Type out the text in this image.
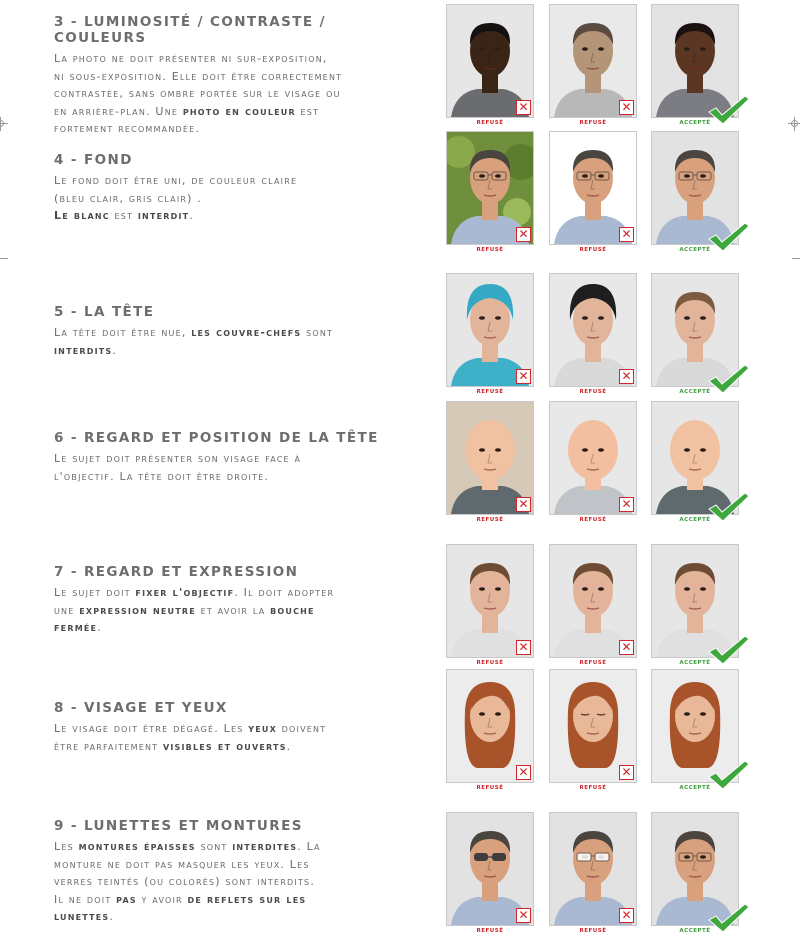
3 - LUMINOSITÉ / CONTRASTE / COULEURS

La photo ne doit présenter ni sur-exposition,
ni sous-exposition. Elle doit être correctement
contrastée, sans ombre portée sur le visage ou
en arrière-plan. Une photo en couleur est
fortement recommandée.

✕
REFUSÉ
✕
REFUSÉ	ACCEPTÉ
4 - FOND

Le fond doit être uni, de couleur claire
(bleu clair, gris clair) .
Le blanc est interdit.

✕
REFUSÉ
✕
REFUSÉ	ACCEPTÉ
5 - LA TÊTE

La tête doit être nue, les couvre-chefs sont
interdits.

✕
REFUSÉ
✕
REFUSÉ	ACCEPTÉ
6 - REGARD ET POSITION DE LA TÊTE

Le sujet doit présenter son visage face à
l'objectif. La tête doit être droite.

✕
REFUSÉ
✕
REFUSÉ	ACCEPTÉ
7 - REGARD ET EXPRESSION

Le sujet doit fixer l'objectif. Il doit adopter
une expression neutre et avoir la bouche
fermée.

✕
REFUSÉ
✕
REFUSÉ	ACCEPTÉ
8 - VISAGE ET YEUX

Le visage doit être dégagé. Les yeux doivent
être parfaitement visibles et ouverts.

✕
REFUSÉ
✕
REFUSÉ	ACCEPTÉ
9 - LUNETTES ET MONTURES

Les montures épaisses sont interdites. La
monture ne doit pas masquer les yeux. Les
verres teintés (ou colorés) sont interdits.
Il ne doit pas y avoir de reflets sur les
lunettes.	✕
REFUSÉ
✕
REFUSÉ	ACCEPTÉ
